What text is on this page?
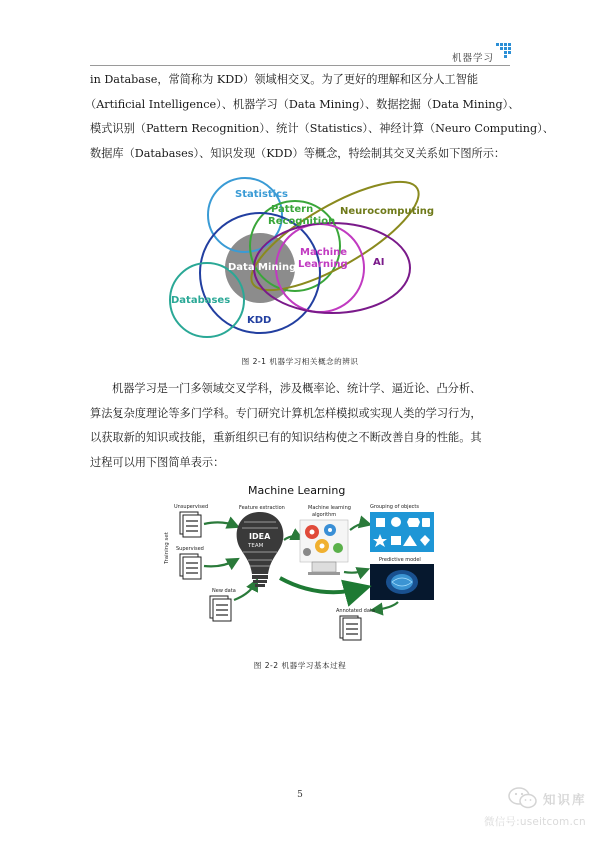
机器学习
in Database，常简称为 KDD）领域相交叉。为了更好的理解和区分人工智能
（Artificial Intelligence）、机器学习（Data Mining）、数据挖掘（Data Mining）、
模式识别（Pattern Recognition）、统计（Statistics）、神经计算（Neuro Computing）、
数据库（Databases）、知识发现（KDD）等概念，特绘制其交叉关系如下图所示：
Statistics
Pattern
Recognition
Neurocomputing
Machine
Learning
Data Mining	AI
Databases
KDD
图 2-1 机器学习相关概念的辨识
机器学习是一门多领域交叉学科，涉及概率论、统计学、逼近论、凸分析、
算法复杂度理论等多门学科。专门研究计算机怎样模拟或实现人类的学习行为，
以获取新的知识或技能，重新组织已有的知识结构使之不断改善自身的性能。其
过程可以用下图简单表示：
Machine Learning
Training set
Unsupervised
Supervised
New data
IDEA
TEAM
Feature extraction	Machine learning
algorithm
Grouping of objects
Predictive model
Annotated data
图 2-2 机器学习基本过程
5	知识库
微信号:useitcom.cn
